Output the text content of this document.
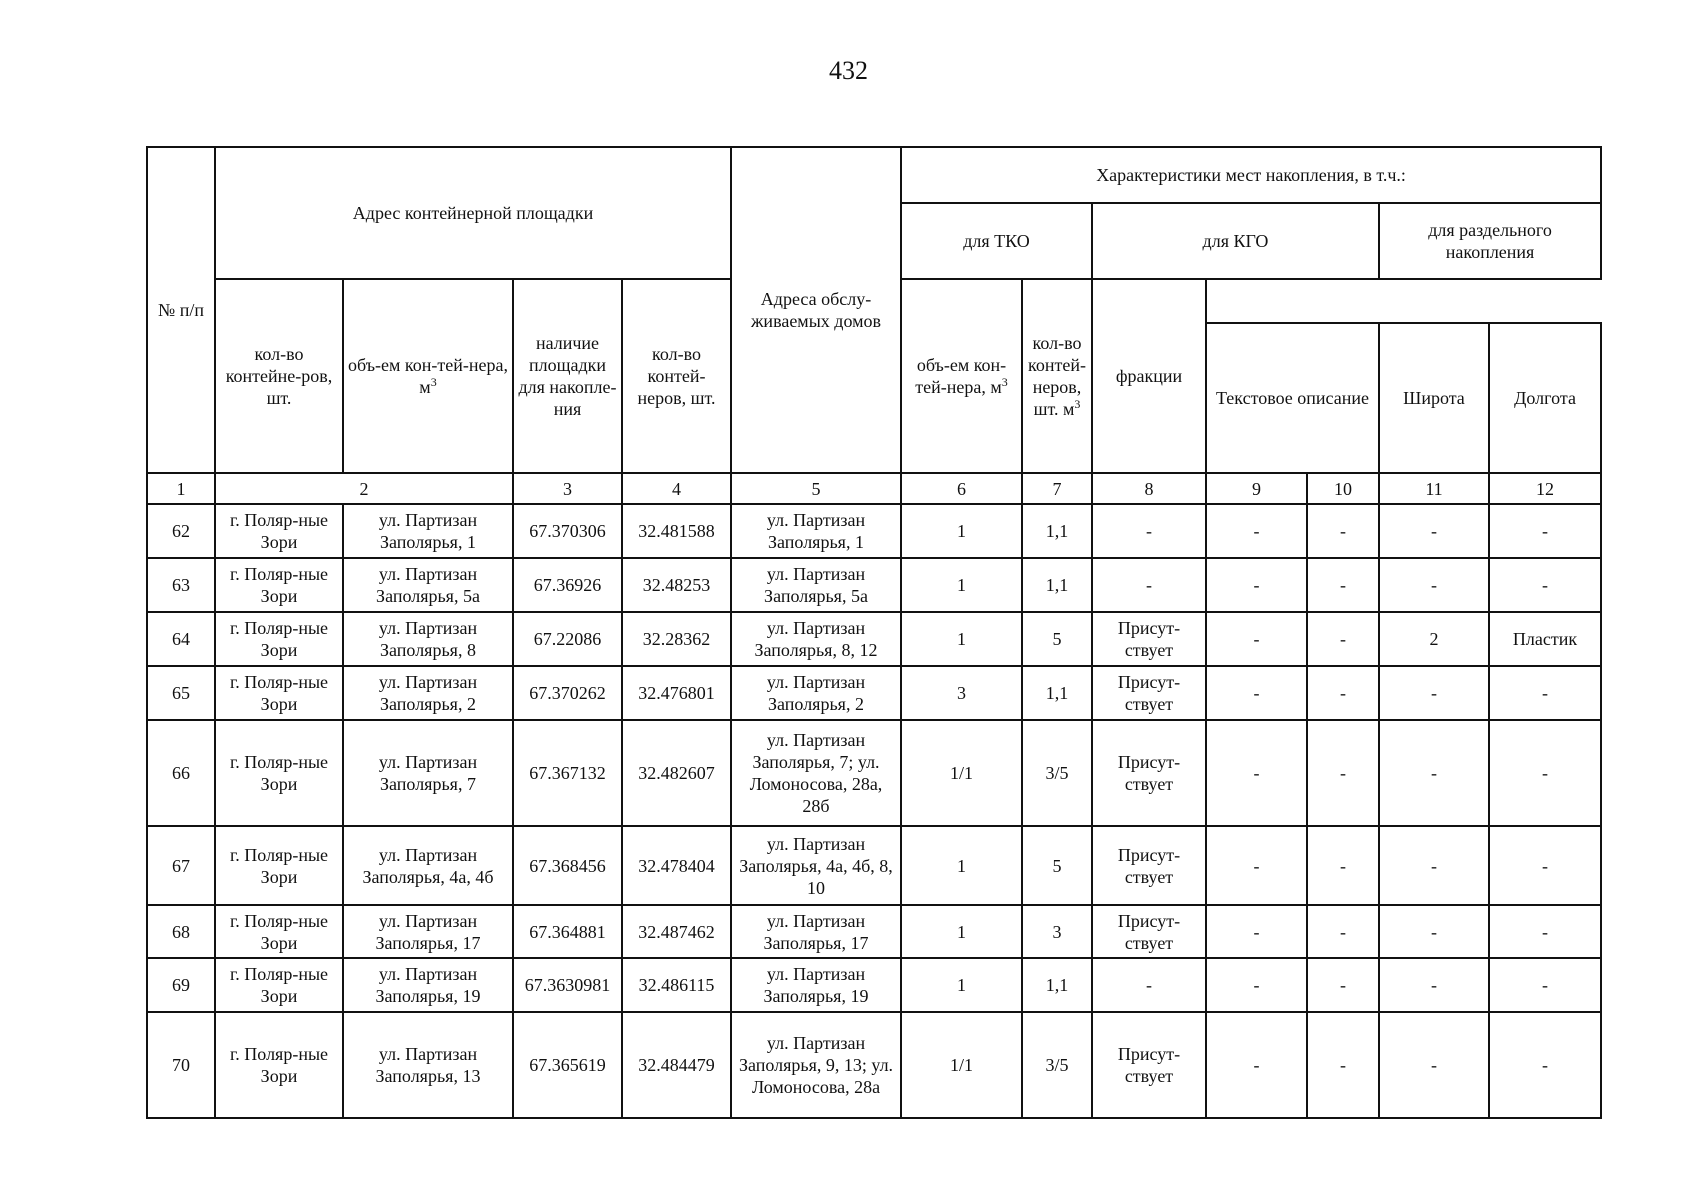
432
№ п/п	Адрес контейнерной площадки				Адреса обслу-живаемых домов	Характеристики мест накопления, в т.ч.:						
						для ТКО		для КГО			для раздельного накопления	
	кол-во контейне-ров, шт.	объ-ем кон-тей-нера, $м^3$	наличие площадки для накопле-ния	кол-во контей-неров, шт.		объ-ем кон-тей-нера, $м^3$	кол-во контей-неров, шт. $м^3$	фракции				
									Текстовое описание		Широта	Долгота
1	2		3	4	5	6	7	8	9	10	11	12
62	г. Поляр-ные Зори	ул. Партизан Заполярья, 1	67.370306	32.481588	ул. Партизан Заполярья, 1	1	1,1	-	-	-	-	-
63	г. Поляр-ные Зори	ул. Партизан Заполярья, 5а	67.36926	32.48253	ул. Партизан Заполярья, 5а	1	1,1	-	-	-	-	-
64	г. Поляр-ные Зори	ул. Партизан Заполярья, 8	67.22086	32.28362	ул. Партизан Заполярья, 8, 12	1	5	Присут-ствует	-	-	2	Пластик
65	г. Поляр-ные Зори	ул. Партизан Заполярья, 2	67.370262	32.476801	ул. Партизан Заполярья, 2	3	1,1	Присут-ствует	-	-	-	-
66	г. Поляр-ные Зори	ул. Партизан Заполярья, 7	67.367132	32.482607	ул. Партизан Заполярья, 7; ул. Ломоносова, 28а, 28б	1/1	3/5	Присут-ствует	-	-	-	-
67	г. Поляр-ные Зори	ул. Партизан Заполярья, 4а, 4б	67.368456	32.478404	ул. Партизан Заполярья, 4а, 4б, 8, 10	1	5	Присут-ствует	-	-	-	-
68	г. Поляр-ные Зори	ул. Партизан Заполярья, 17	67.364881	32.487462	ул. Партизан Заполярья, 17	1	3	Присут-ствует	-	-	-	-
69	г. Поляр-ные Зори	ул. Партизан Заполярья, 19	67.3630981	32.486115	ул. Партизан Заполярья, 19	1	1,1	-	-	-	-	-
70	г. Поляр-ные Зори	ул. Партизан Заполярья, 13	67.365619	32.484479	ул. Партизан Заполярья, 9, 13; ул. Ломоносова, 28а	1/1	3/5	Присут-ствует	-	-	-	-
